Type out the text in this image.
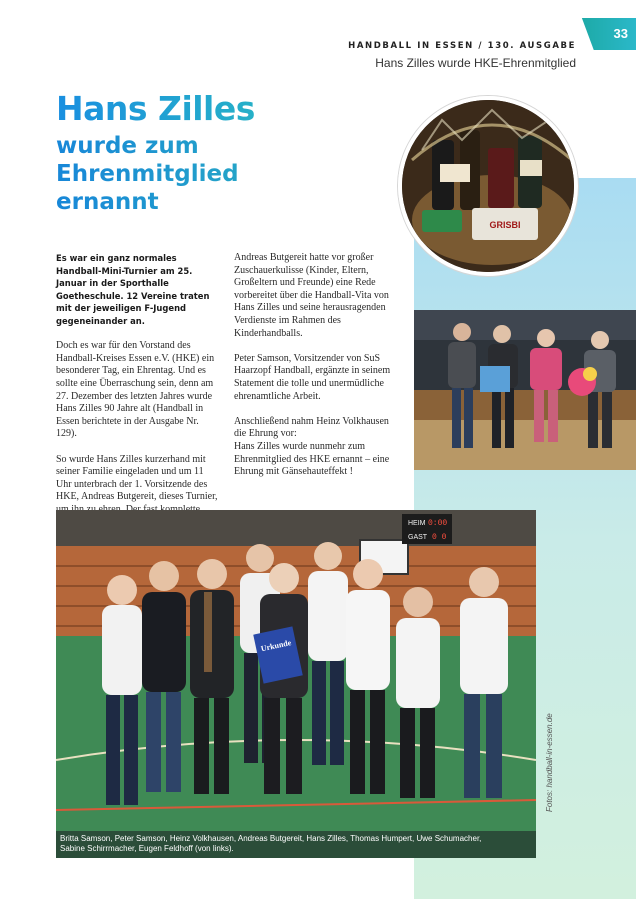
33
HANDBALL IN ESSEN / 130. AUSGABE
Hans Zilles wurde HKE-Ehrenmitglied
Hans Zilles
wurde zum
Ehrenmitglied
ernannt

Es war ein ganz normales Handball-Mini-Turnier am 25. Januar in der Sporthalle Goetheschule. 12 Vereine traten mit der jeweiligen F-Jugend gegeneinander an.

Doch es war für den Vorstand des Handball-Kreises Essen e.V. (HKE) ein besonderer Tag, ein Ehrentag. Und es sollte eine Überraschung sein, denn am 27. Dezember des letzten Jahres wurde Hans Zilles 90 Jahre alt (Handball in Essen berichtete in der Ausgabe Nr. 129).

So wurde Hans Zilles kurzerhand mit seiner Familie eingeladen und um 11 Uhr unterbrach der 1. Vorsitzende des HKE, Andreas Butgereit, dieses Turnier,

Andreas Butgereit hatte vor großer Zuschauerkulisse (Kinder, Eltern, Großeltern und Freunde) eine Rede vorbereitet über die Handball-Vita von Hans Zilles und seine herausragenden Verdienste im Rahmen des Kinderhandballs.

Peter Samson, Vorsitzender von SuS Haarzopf Handball, ergänzte in seinem Statement die tolle und unermüdliche ehrenamtliche Arbeit.

Anschließend nahm Heinz Volkhausen die Ehrung vor:
Hans Zilles wurde nunmehr zum Ehrenmitglied des HKE ernannt – eine Ehrung mit Gänsehauteffekt !

GRISBI
HEIM 0:00
GAST 0 0
Urkunde
Britta Samson, Peter Samson, Heinz Volkhausen, Andreas Butgereit, Hans Zilles, Thomas Humpert, Uwe Schumacher,
Sabine Schirrmacher, Eugen Feldhoff (von links).
Fotos: handball-in-essen.de
